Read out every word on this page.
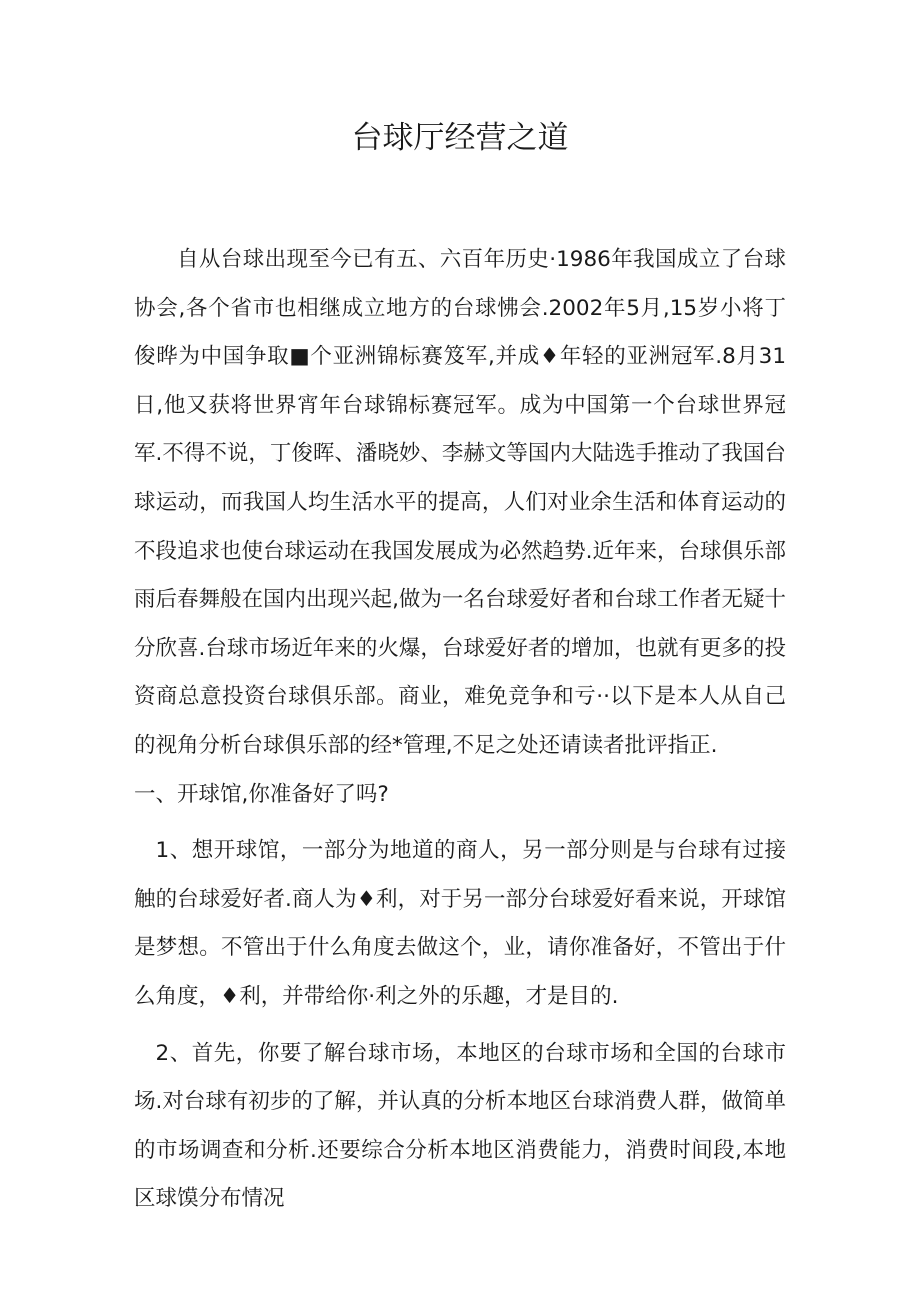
台球厅经营之道

自从台球出现至今已有五、六百年历史·1986年我国成立了台球协会,各个省市也相继成立地方的台球怫会.2002年5月,15岁小将丁俊晔为中国争取■个亚洲锦标赛笈军,并成♦年轻的亚洲冠军.8月31日,他又获将世界宵年台球锦标赛冠军。成为中国第一个台球世界冠军.不得不说，丁俊晖、潘晓妙、李赫文等国内大陆选手推动了我国台球运动，而我国人均生活水平的提高，人们对业余生活和体育运动的不段追求也使台球运动在我国发展成为必然趋势.近年来，台球俱乐部雨后春舞般在国内出现兴起,做为一名台球爱好者和台球工作者无疑十分欣喜.台球市场近年来的火爆，台球爱好者的增加，也就有更多的投资商总意投资台球俱乐部。商业，难免竞争和亏··以下是本人从自己的视角分析台球俱乐部的经*管理,不足之处还请读者批评指正.

一、开球馆,你准备好了吗?

1、想开球馆，一部分为地道的商人，另一部分则是与台球有过接触的台球爱好者.商人为♦利，对于另一部分台球爱好看来说，开球馆是梦想。不管出于什么角度去做这个，业，请你准备好，不管出于什么角度，♦利，并带给你·利之外的乐趣，才是目的.

2、首先，你要了解台球市场，本地区的台球市场和全国的台球市场.对台球有初步的了解，并认真的分析本地区台球消费人群，做简单的市场调查和分析.还要综合分析本地区消费能力，消费时间段,本地区球馍分布情况
